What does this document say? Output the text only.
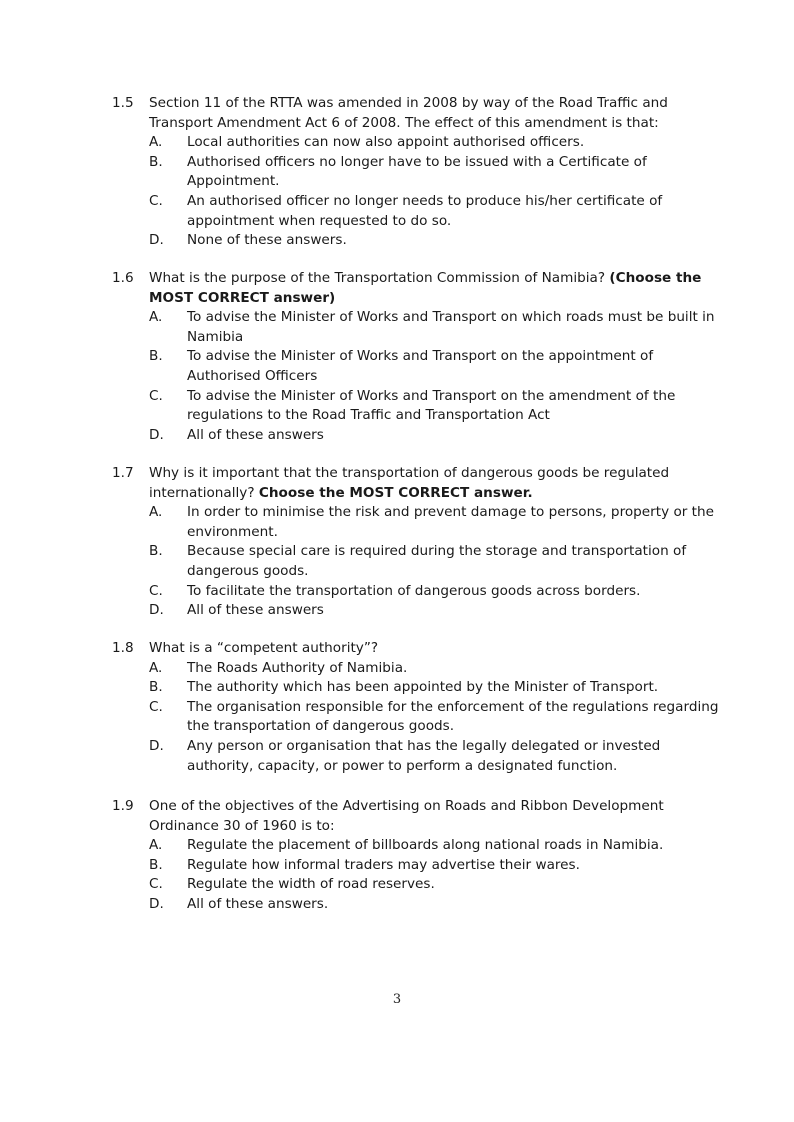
1.5	Section 11 of the RTTA was amended in 2008 by way of the Road Traffic and Transport Amendment Act 6 of 2008. The effect of this amendment is that:
A.	Local authorities can now also appoint authorised officers.
B.	Authorised officers no longer have to be issued with a Certificate of Appointment.
C.	An authorised officer no longer needs to produce his/her certificate of appointment when requested to do so.
D.	None of these answers.
1.6	What is the purpose of the Transportation Commission of Namibia? (Choose the MOST CORRECT answer)
A.	To advise the Minister of Works and Transport on which roads must be built in Namibia
B.	To advise the Minister of Works and Transport on the appointment of Authorised Officers
C.	To advise the Minister of Works and Transport on the amendment of the regulations to the Road Traffic and Transportation Act
D.	All of these answers
1.7	Why is it important that the transportation of dangerous goods be regulated internationally? Choose the MOST CORRECT answer.
A.	In order to minimise the risk and prevent damage to persons, property or the environment.
B.	Because special care is required during the storage and transportation of dangerous goods.
C.	To facilitate the transportation of dangerous goods across borders.
D.	All of these answers
1.8	What is a “competent authority”?
A.	The Roads Authority of Namibia.
B.	The authority which has been appointed by the Minister of Transport.
C.	The organisation responsible for the enforcement of the regulations regarding the transportation of dangerous goods.
D.	Any person or organisation that has the legally delegated or invested authority, capacity, or power to perform a designated function.
1.9	One of the objectives of the Advertising on Roads and Ribbon Development Ordinance 30 of 1960 is to:
A.	Regulate the placement of billboards along national roads in Namibia.
B.	Regulate how informal traders may advertise their wares.
C.	Regulate the width of road reserves.
D.	All of these answers.
3
